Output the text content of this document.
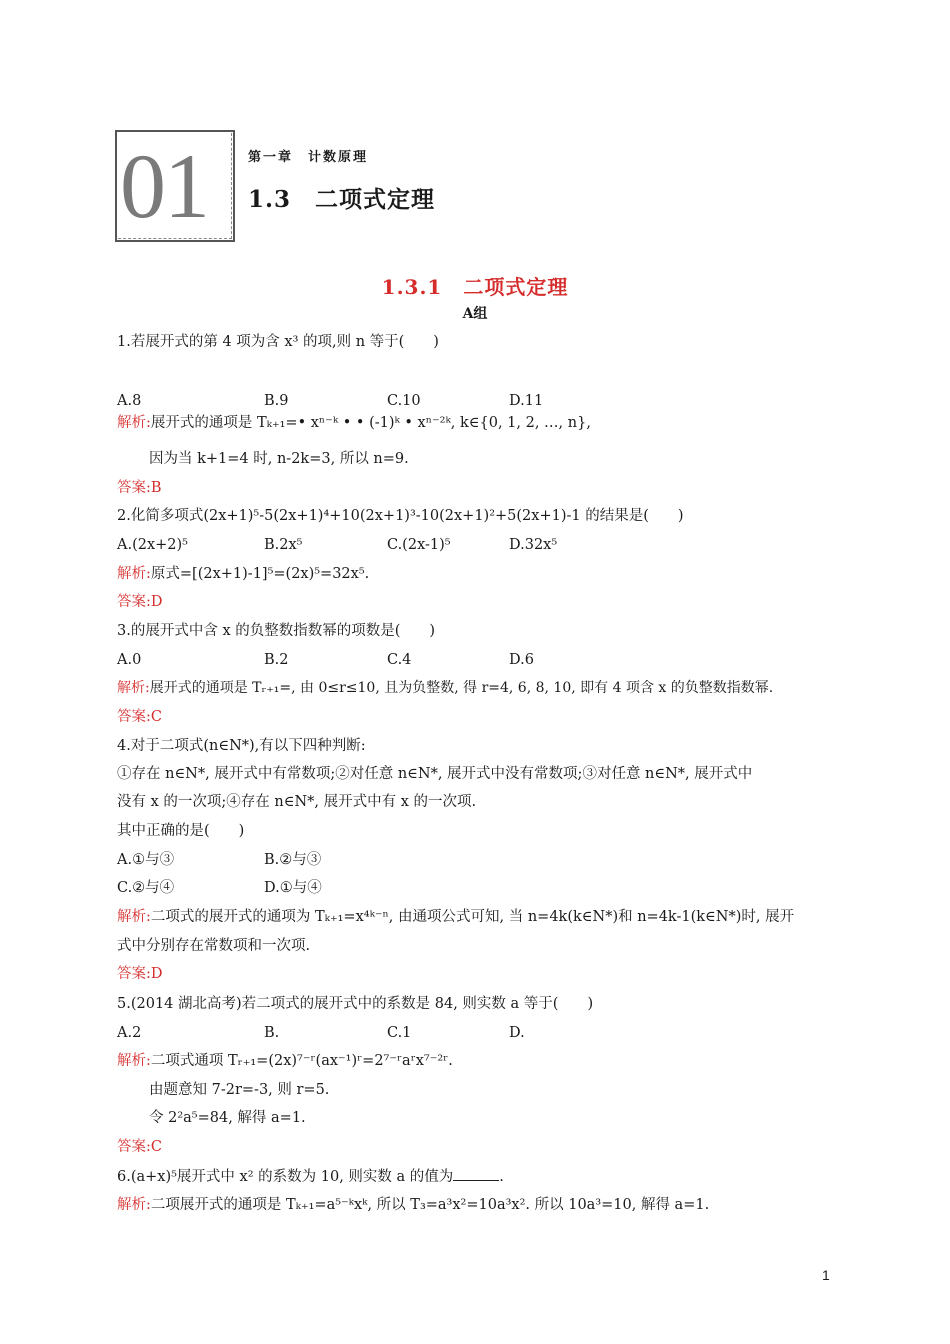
01	第一章　计数原理
1.3　二项式定理
1.3.1　二项式定理
A组
1.若展开式的第 4 项为含 x³ 的项,则 n 等于(　　)
A.8	B.9	C.10	D.11
解析:展开式的通项是 Tₖ₊₁=• xⁿ⁻ᵏ • • (-1)ᵏ • xⁿ⁻²ᵏ, k∈{0, 1, 2, …, n},
因为当 k+1=4 时, n-2k=3, 所以 n=9.
答案:B
2.化简多项式(2x+1)⁵-5(2x+1)⁴+10(2x+1)³-10(2x+1)²+5(2x+1)-1 的结果是(　　)
A.(2x+2)⁵	B.2x⁵	C.(2x-1)⁵	D.32x⁵
解析:原式=[(2x+1)-1]⁵=(2x)⁵=32x⁵.
答案:D
3.的展开式中含 x 的负整数指数幂的项数是(　　)
A.0	B.2	C.4	D.6
解析:展开式的通项是 Tᵣ₊₁=, 由 0≤r≤10, 且为负整数, 得 r=4, 6, 8, 10, 即有 4 项含 x 的负整数指数幂.
答案:C
4.对于二项式(n∈N*),有以下四种判断:
①存在 n∈N*, 展开式中有常数项;②对任意 n∈N*, 展开式中没有常数项;③对任意 n∈N*, 展开式中
没有 x 的一次项;④存在 n∈N*, 展开式中有 x 的一次项.
其中正确的是(　　)
A.①与③	B.②与③
C.②与④	D.①与④
解析:二项式的展开式的通项为 Tₖ₊₁=x⁴ᵏ⁻ⁿ, 由通项公式可知, 当 n=4k(k∈N*)和 n=4k-1(k∈N*)时, 展开
式中分别存在常数项和一次项.
答案:D
5.(2014 湖北高考)若二项式的展开式中的系数是 84, 则实数 a 等于(　　)
A.2	B.	C.1	D.
解析:二项式通项 Tᵣ₊₁=(2x)⁷⁻ʳ(ax⁻¹)ʳ=2⁷⁻ʳaʳx⁷⁻²ʳ.
由题意知 7-2r=-3, 则 r=5.
令 2²a⁵=84, 解得 a=1.
答案:C
6.(a+x)⁵展开式中 x² 的系数为 10, 则实数 a 的值为	.
解析:二项展开式的通项是 Tₖ₊₁=a⁵⁻ᵏxᵏ, 所以 T₃=a³x²=10a³x². 所以 10a³=10, 解得 a=1.
1
